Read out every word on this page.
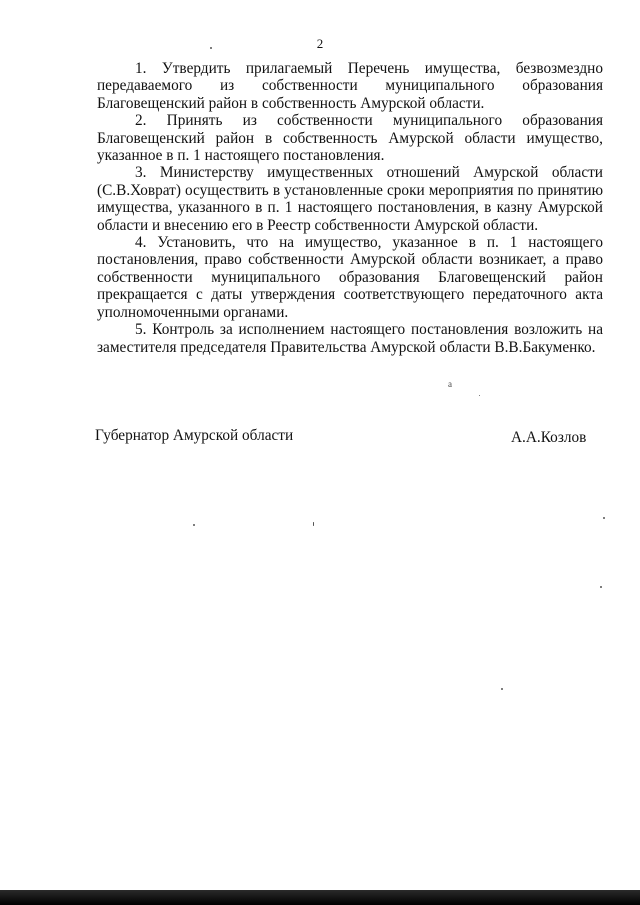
2

1. Утвердить прилагаемый Перечень имущества, безвозмездно передаваемого из собственности муниципального образования Благовещенский район в собственность Амурской области.

2. Принять из собственности муниципального образования Благовещенский район в собственность Амурской области имущество, указанное в п. 1 настоящего постановления.

3. Министерству имущественных отношений Амурской области (С.В.Ховрат) осуществить в установленные сроки мероприятия по принятию имущества, указанного в п. 1 настоящего постановления, в казну Амурской области и внесению его в Реестр собственности Амурской области.

4. Установить, что на имущество, указанное в п. 1 настоящего постановления, право собственности Амурской области возникает, а право собственности муниципального образования Благовещенский район прекращается с даты утверждения соответствующего передаточного акта уполномоченными органами.

5. Контроль за исполнением настоящего постановления возложить на заместителя председателя Правительства Амурской области В.В.Бакуменко.

а
Губернатор Амурской области	А.А.Козлов
